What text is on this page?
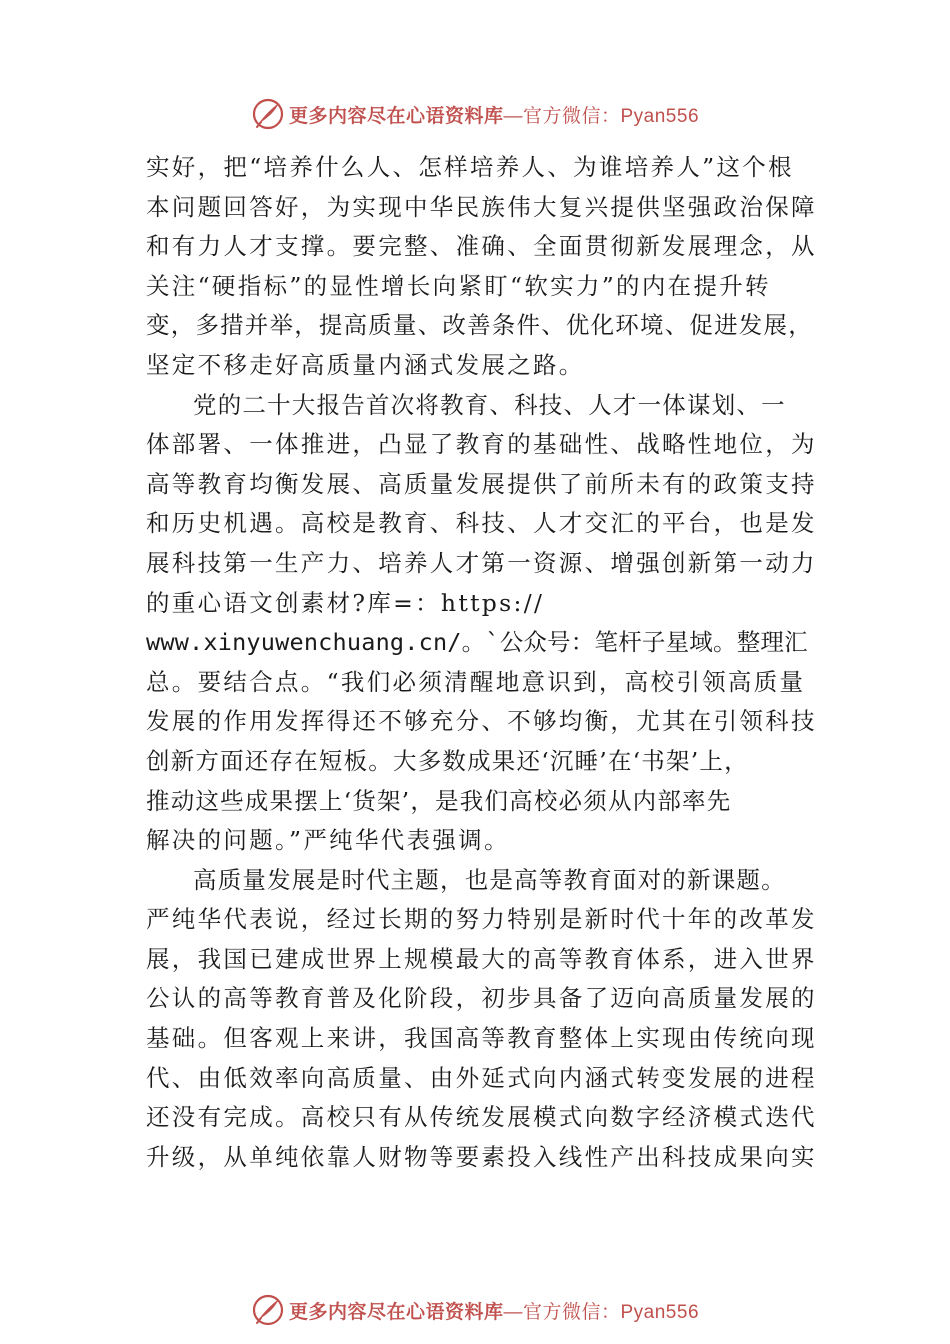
更多内容尽在心语资料库 —官方微信：Pyan556
实好，把“培养什么人、怎样培养人、为谁培养人”这个根
本问题回答好，为实现中华民族伟大复兴提供坚强政治保障
和有力人才支撑。要完整、准确、全面贯彻新发展理念，从
关注“硬指标”的显性增长向紧盯“软实力”的内在提升转
变，多措并举，提高质量、改善条件、优化环境、促进发展，
坚定不移走好高质量内涵式发展之路。
党的二十大报告首次将教育、科技、人才一体谋划、一
体部署、一体推进，凸显了教育的基础性、战略性地位，为
高等教育均衡发展、高质量发展提供了前所未有的政策支持
和历史机遇。高校是教育、科技、人才交汇的平台，也是发
展科技第一生产力、培养人才第一资源、增强创新第一动力
的重心语文创素材?库=：https://
www.xinyuwenchuang.cn/。`公众号：笔杆子星域。整理汇
总。要结合点。“我们必须清醒地意识到，高校引领高质量
发展的作用发挥得还不够充分、不够均衡，尤其在引领科技
创新方面还存在短板。大多数成果还‘沉睡’在‘书架’上，
推动这些成果摆上‘货架’，是我们高校必须从内部率先
解决的问题。”严纯华代表强调。
高质量发展是时代主题，也是高等教育面对的新课题。
严纯华代表说，经过长期的努力特别是新时代十年的改革发
展，我国已建成世界上规模最大的高等教育体系，进入世界
公认的高等教育普及化阶段，初步具备了迈向高质量发展的
基础。但客观上来讲，我国高等教育整体上实现由传统向现
代、由低效率向高质量、由外延式向内涵式转变发展的进程
还没有完成。高校只有从传统发展模式向数字经济模式迭代
升级，从单纯依靠人财物等要素投入线性产出科技成果向实
更多内容尽在心语资料库 —官方微信：Pyan556
